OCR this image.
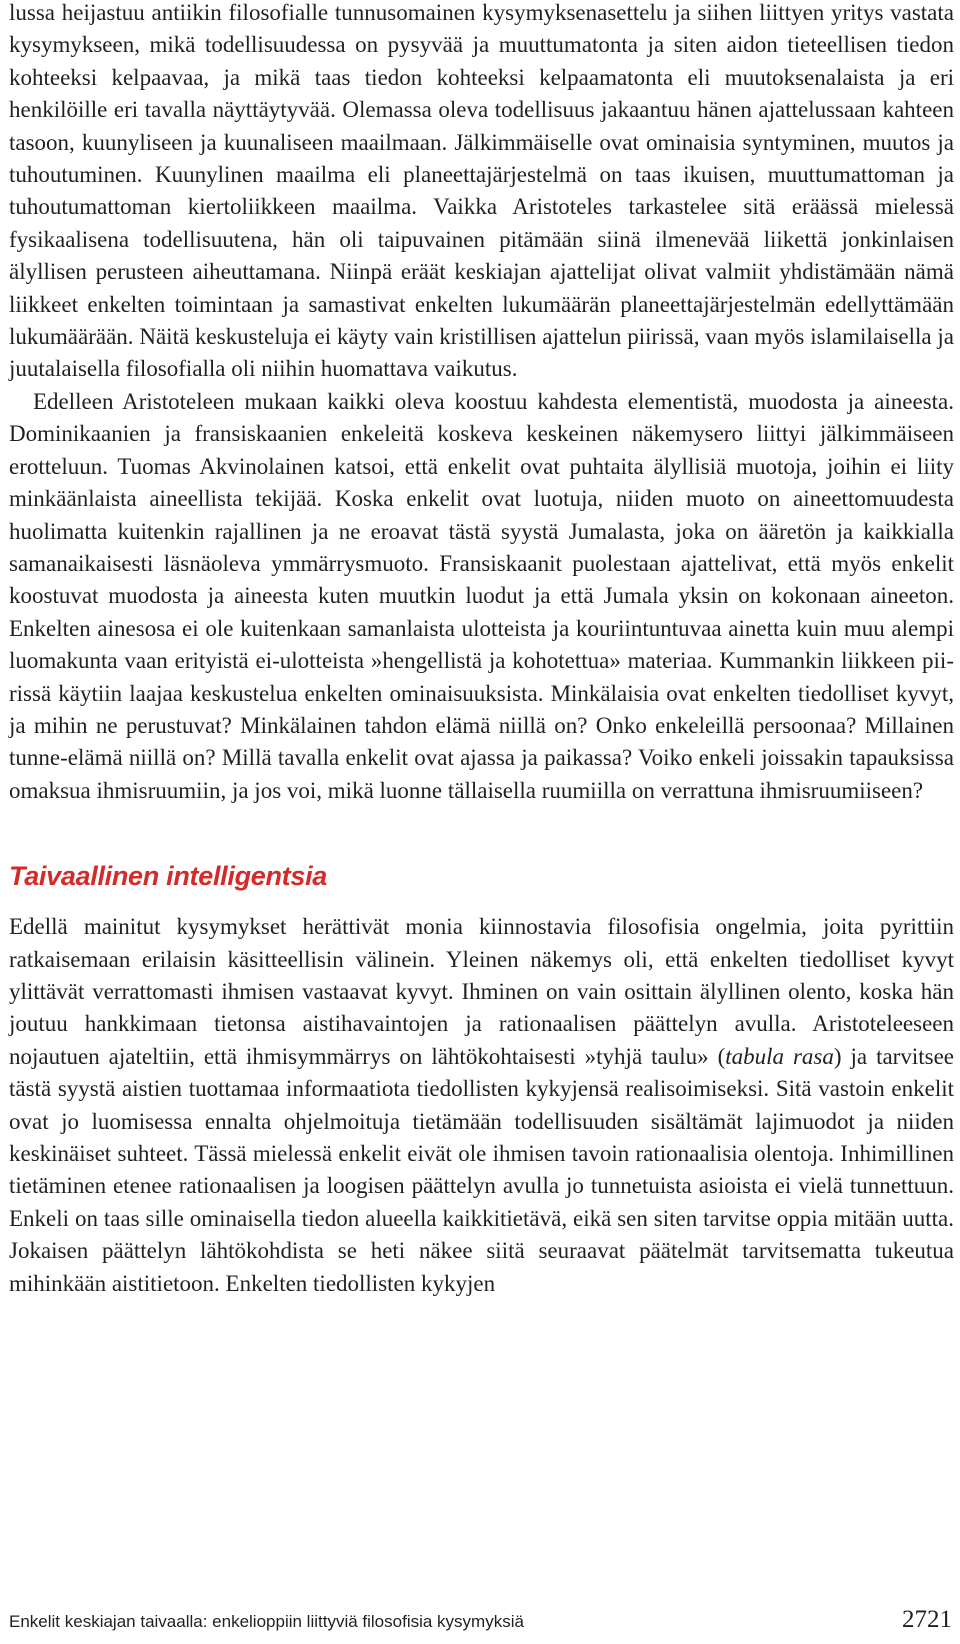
lussa heijastuu antiikin filosofialle tunnusomainen kysymyksenasettelu ja siihen liittyen yritys vastata kysymykseen, mikä todellisuudessa on pysyvää ja muuttumatonta ja siten aidon tieteellisen tiedon kohteeksi kelpaavaa, ja mikä taas tiedon kohteeksi kelpaamatonta eli muutoksenalaista ja eri henkilöille eri tavalla näyttäytyvää. Olemassa oleva todellisuus jakaantuu hänen ajattelussaan kahteen tasoon, kuunyliseen ja kuunaliseen maailmaan. Jälkimmäiselle ovat ominaisia syntyminen, muutos ja tuhoutuminen. Kuunylinen maailma eli planeettajärjestelmä on taas ikuisen, muuttumattoman ja tuhoutumattoman kiertoliikkeen maailma. Vaikka Aristoteles tarkastelee sitä eräässä mielessä fysikaalisena todellisuutena, hän oli taipuvainen pitämään siinä ilmenevää liikettä jonkinlaisen älyllisen perusteen aiheuttamana. Niinpä eräät keskiajan ajattelijat olivat valmiit yhdistämään nämä liikkeet enkelten toimintaan ja samastivat enkelten lukumäärän planeettajärjestelmän edellyttämään lukumäärään. Näitä keskusteluja ei käyty vain kristillisen ajattelun piirissä, vaan myös islamilaisella ja juutalaisella filosofialla oli niihin huomattava vaikutus.

Edelleen Aristoteleen mukaan kaikki oleva koostuu kahdesta elementistä, muodosta ja aineesta. Dominikaanien ja fransiskaanien enkeleitä koskeva keskeinen näkemysero liittyi jälkimmäiseen erotteluun. Tuomas Akvinolainen katsoi, että enkelit ovat puhtaita älyllisiä muotoja, joihin ei liity minkäänlaista aineellista tekijää. Koska enkelit ovat luotuja, niiden muoto on aineettomuudesta huolimatta kuitenkin rajallinen ja ne eroavat tästä syystä Jumalasta, joka on ääretön ja kaikkialla samanaikaisesti läsnäoleva ymmärrysmuoto. Fransiskaanit puolestaan ajattelivat, että myös enkelit koostuvat muodosta ja aineesta kuten muutkin luodut ja että Jumala yksin on kokonaan aineeton. Enkelten ainesosa ei ole kuitenkaan samanlaista ulotteista ja kouriintuntuvaa ainetta kuin muu alempi luomakunta vaan erityistä ei-ulotteista »hengellistä ja kohotettua» materiaa. Kummankin liikkeen piirissä käytiin laajaa keskustelua enkelten ominaisuuksista. Minkälaisia ovat enkelten tiedolliset kyvyt, ja mihin ne perustuvat? Minkälainen tahdon elämä niillä on? Onko enkeleillä persoonaa? Millainen tunne-elämä niillä on? Millä tavalla enkelit ovat ajassa ja paikassa? Voiko enkeli joissakin tapauksissa omaksua ihmisruumiin, ja jos voi, mikä luonne tällaisella ruumiilla on verrattuna ihmisruumiiseen?

Taivaallinen intelligentsia

Edellä mainitut kysymykset herättivät monia kiinnostavia filosofisia ongelmia, joita pyrittiin ratkaisemaan erilaisin käsitteellisin välinein. Yleinen näkemys oli, että enkelten tiedolliset kyvyt ylittävät verrattomasti ihmisen vastaavat kyvyt. Ihminen on vain osittain älyllinen olento, koska hän joutuu hankkimaan tietonsa aistihavaintojen ja rationaalisen päättelyn avulla. Aristoteleeseen nojautuen ajateltiin, että ihmisymmärrys on lähtökohtaisesti »tyhjä taulu» (tabula rasa) ja tarvitsee tästä syystä aistien tuottamaa informaatiota tiedollisten kykyjensä realisoimiseksi. Sitä vastoin enkelit ovat jo luomisessa ennalta ohjelmoituja tietämään todellisuuden sisältämät lajimuodot ja niiden keskinäiset suhteet. Tässä mielessä enkelit eivät ole ihmisen tavoin rationaalisia olentoja. Inhimillinen tietäminen etenee rationaalisen ja loogisen päättelyn avulla jo tunnetuista asioista ei vielä tunnettuun. Enkeli on taas sille ominaisella tiedon alueella kaikkitietävä, eikä sen siten tarvitse oppia mitään uutta. Jokaisen päättelyn lähtökohdista se heti näkee siitä seuraavat päätelmät tarvitsematta tukeutua mihinkään aistitietoon. Enkelten tiedollisten kykyjen

Enkelit keskiajan taivaalla: enkelioppiin liittyviä filosofisia kysymyksiä	2721
